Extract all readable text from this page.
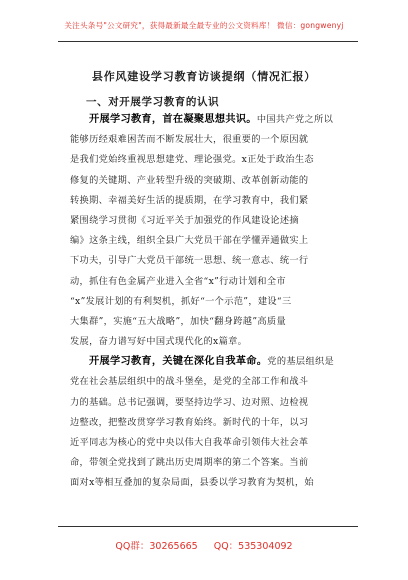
关注头条号"公文研究"，获得最新最全最专业的公文资料库！ 微信：gongwenyj
县作风建设学习教育访谈提纲（情况汇报）
一、对开展学习教育的认识
开展学习教育，首在凝聚思想共识。中国共产党之所以
能够历经艰难困苦而不断发展壮大，很重要的一个原因就
是我们党始终重视思想建党、理论强党。x正处于政治生态
修复的关键期、产业转型升级的突破期、改革创新动能的
转换期、幸福美好生活的提质期，在学习教育中，我们紧
紧围绕学习贯彻《习近平关于加强党的作风建设论述摘
编》这条主线，组织全县广大党员干部在学懂弄通做实上
下功夫，引导广大党员干部统一思想、统一意志、统一行
动，抓住有色金属产业进入全省“x”行动计划和全市
“x”发展计划的有利契机，抓好“一个示范”，建设“三
大集群”，实施“五大战略”，加快“翻身跨越”高质量
发展，奋力谱写好中国式现代化的x篇章。
开展学习教育，关键在深化自我革命。党的基层组织是
党在社会基层组织中的战斗堡垒，是党的全部工作和战斗
力的基础。总书记强调，要坚持边学习、边对照、边检视
边整改，把整改贯穿学习教育始终。新时代的十年，以习
近平同志为核心的党中央以伟大自我革命引领伟大社会革
命，带领全党找到了跳出历史周期率的第二个答案。当前
面对x等相互叠加的复杂局面，县委以学习教育为契机，始
QQ群：30265665 QQ：535304092
